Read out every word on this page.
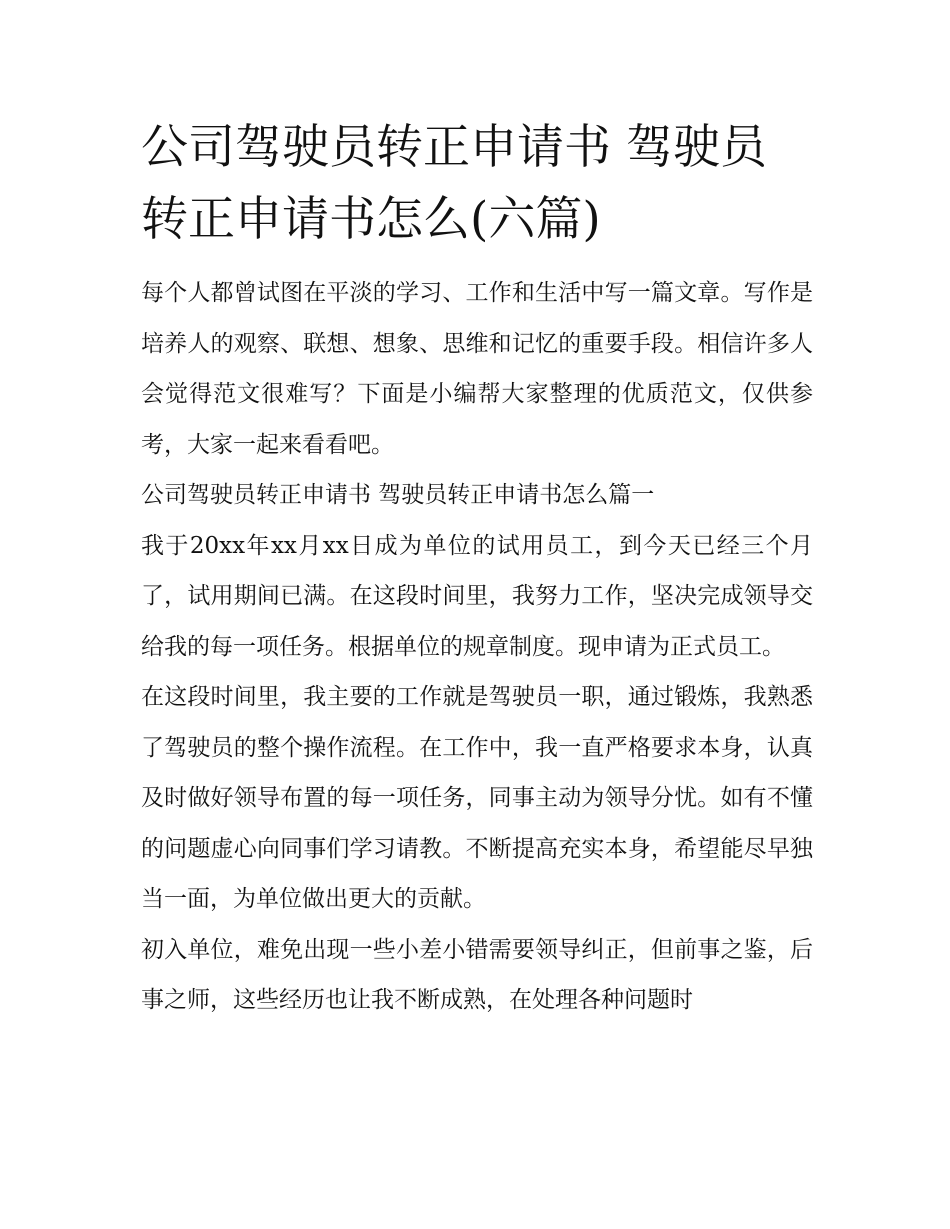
公司驾驶员转正申请书 驾驶员转正申请书怎么(六篇)

每个人都曾试图在平淡的学习、工作和生活中写一篇文章。写作是培养人的观察、联想、想象、思维和记忆的重要手段。相信许多人会觉得范文很难写？下面是小编帮大家整理的优质范文，仅供参考，大家一起来看看吧。

公司驾驶员转正申请书 驾驶员转正申请书怎么篇一

我于20xx年xx月xx日成为单位的试用员工，到今天已经三个月了，试用期间已满。在这段时间里，我努力工作，坚决完成领导交给我的每一项任务。根据单位的规章制度。现申请为正式员工。

在这段时间里，我主要的工作就是驾驶员一职，通过锻炼，我熟悉了驾驶员的整个操作流程。在工作中，我一直严格要求本身，认真及时做好领导布置的每一项任务，同事主动为领导分忧。如有不懂的问题虚心向同事们学习请教。不断提高充实本身，希望能尽早独当一面，为单位做出更大的贡献。

初入单位，难免出现一些小差小错需要领导纠正，但前事之鉴，后事之师，这些经历也让我不断成熟，在处理各种问题时
